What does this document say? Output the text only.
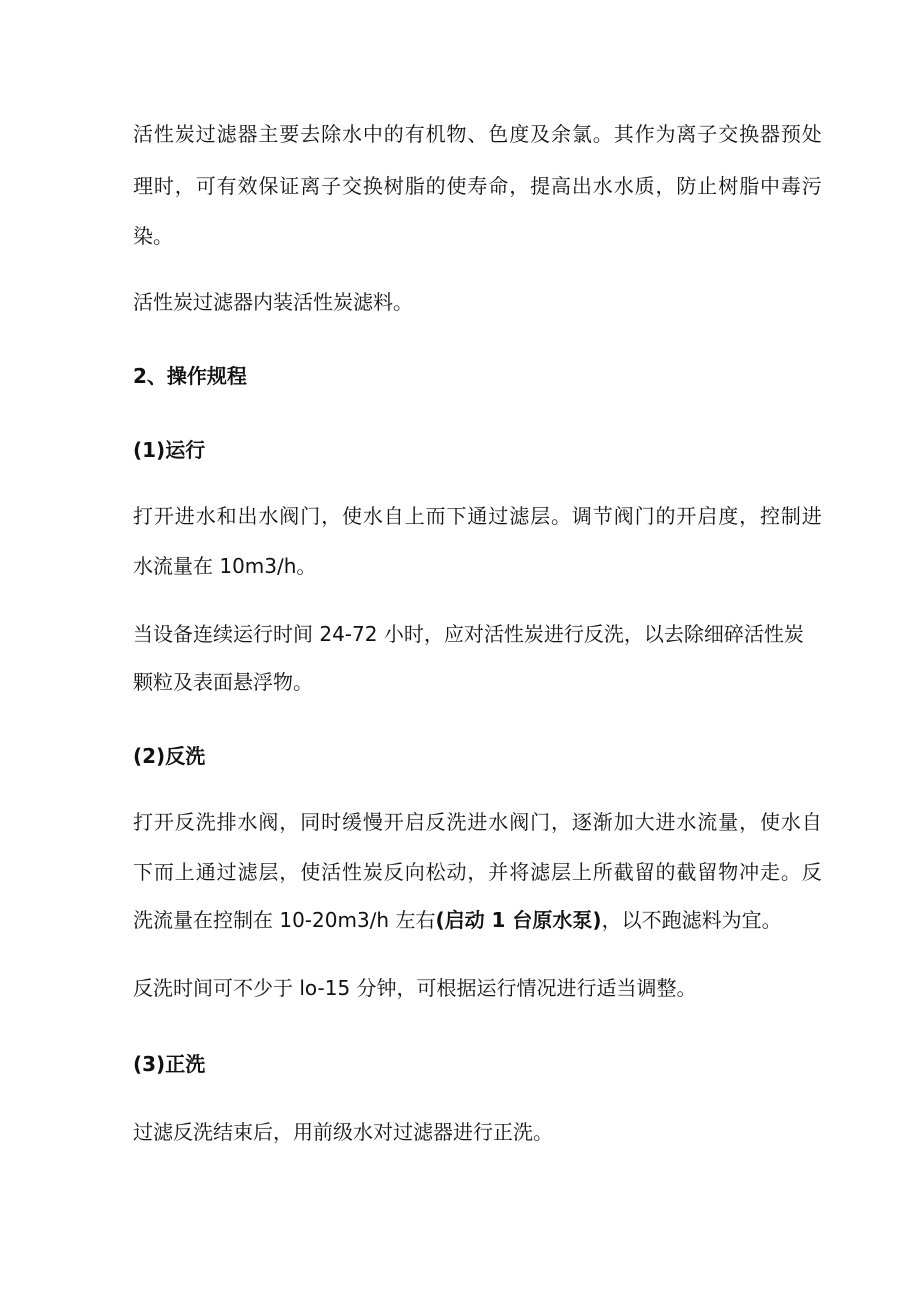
活性炭过滤器主要去除水中的有机物、色度及余氯。其作为离子交换器预处
理时，可有效保证离子交换树脂的使寿命，提高出水水质，防止树脂中毒污
染。
活性炭过滤器内装活性炭滤料。
2、操作规程
(1)运行
打开进水和出水阀门，使水自上而下通过滤层。调节阀门的开启度，控制进
水流量在 10m3∕h。
当设备连续运行时间 24-72 小时，应对活性炭进行反洗，以去除细碎活性炭
颗粒及表面悬浮物。
(2)反洗
打开反洗排水阀，同时缓慢开启反洗进水阀门，逐渐加大进水流量，使水自
下而上通过滤层，使活性炭反向松动，并将滤层上所截留的截留物冲走。反
洗流量在控制在 10-20m3∕h 左右(启动 1 台原水泵)，以不跑滤料为宜。
反洗时间可不少于 lo-15 分钟，可根据运行情况进行适当调整。
(3)正洗
过滤反洗结束后，用前级水对过滤器进行正洗。
